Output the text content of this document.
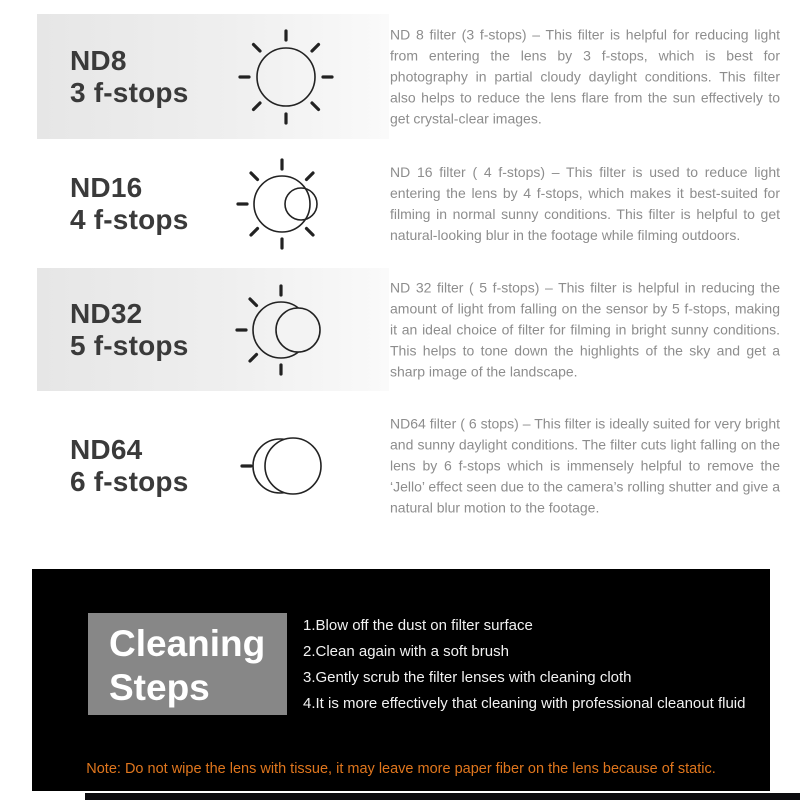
ND8
3 f-stops
ND 8 filter (3 f-stops) – This filter is helpful for reducing light from entering the lens by 3 f-stops, which is best for photography in partial cloudy daylight conditions. This filter also helps to reduce the lens flare from the sun effectively to get crystal-clear images.
ND16
4 f-stops
ND 16 filter ( 4 f-stops) – This filter is used to reduce light entering the lens by 4 f-stops, which makes it best-suited for filming in normal sunny conditions. This filter is helpful to get natural-looking blur in the footage while filming outdoors.
ND32
5 f-stops
ND 32 filter ( 5 f-stops) – This filter is helpful in reducing the amount of light from falling on the sensor by 5 f-stops, making it an ideal choice of filter for filming in bright sunny conditions. This helps to tone down the highlights of the sky and get a sharp image of the landscape.
ND64
6 f-stops
ND64 filter ( 6 stops) – This filter is ideally suited for very bright and sunny daylight conditions. The filter cuts light falling on the lens by 6 f-stops which is immensely helpful to remove the ‘Jello’ effect seen due to the camera’s rolling shutter and give a natural blur motion to the footage.
Cleaning
Steps
1.Blow off the dust on filter surface
2.Clean again with a soft brush
3.Gently scrub the filter lenses with cleaning cloth
4.It is more effectively that cleaning with professional cleanout fluid
Note: Do not wipe the lens with tissue, it may leave more paper fiber on the lens because of static.
